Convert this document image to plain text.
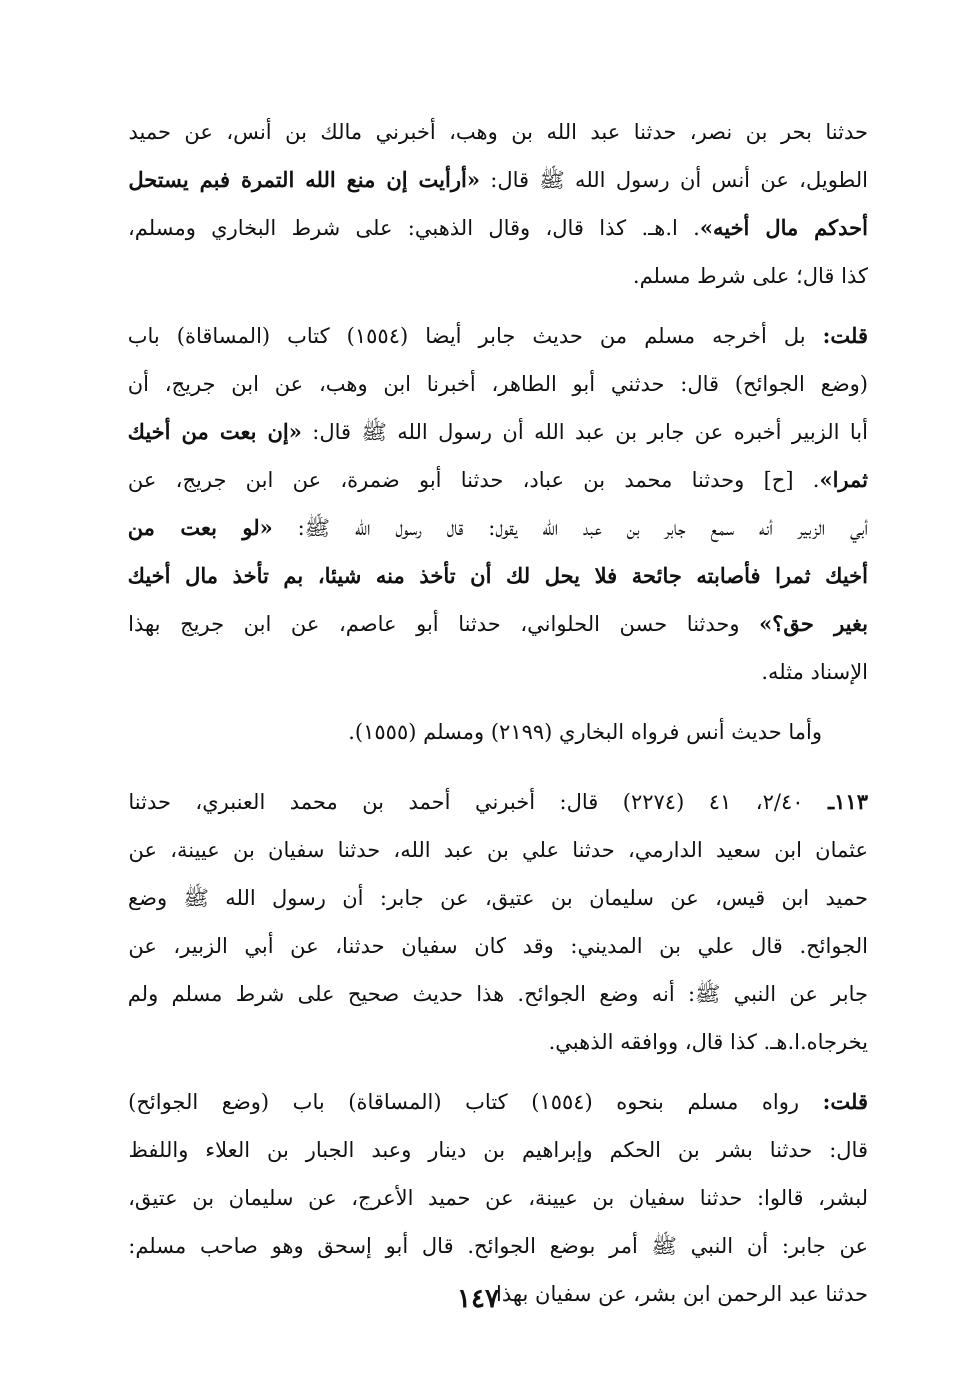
حدثنا بحر بن نصر، حدثنا عبد الله بن وهب، أخبرني مالك بن أنس، عن حميد
الطويل، عن أنس أن رسول الله ﷺ قال: «أرأيت إن منع الله التمرة فبم يستحل
أحدكم مال أخيه». ا.هـ. كذا قال، وقال الذهبي: على شرط البخاري ومسلم،
كذا قال؛ على شرط مسلم.
قلت: بل أخرجه مسلم من حديث جابر أيضا (١٥٥٤) كتاب (المساقاة) باب
(وضع الجوائح) قال: حدثني أبو الطاهر، أخبرنا ابن وهب، عن ابن جريج، أن
أبا الزبير أخبره عن جابر بن عبد الله أن رسول الله ﷺ قال: «إن بعت من أخيك
ثمرا». [ح] وحدثنا محمد بن عباد، حدثنا أبو ضمرة، عن ابن جريج، عن
أبي الزبير أنه سمع جابر بن عبد الله يقول: قال رسول الله ﷺ: «لو بعت من
أخيك ثمرا فأصابته جائحة فلا يحل لك أن تأخذ منه شيئا، بم تأخذ مال أخيك
بغير حق؟» وحدثنا حسن الحلواني، حدثنا أبو عاصم، عن ابن جريج بهذا
الإسناد مثله.
وأما حديث أنس فرواه البخاري (٢١٩٩) ومسلم (١٥٥٥).
١١٣ـ ٢/٤٠، ٤١ (٢٢٧٤) قال: أخبرني أحمد بن محمد العنبري، حدثنا
عثمان ابن سعيد الدارمي، حدثنا علي بن عبد الله، حدثنا سفيان بن عيينة، عن
حميد ابن قيس، عن سليمان بن عتيق، عن جابر: أن رسول الله ﷺ وضع
الجوائح. قال علي بن المديني: وقد كان سفيان حدثنا، عن أبي الزبير، عن
جابر عن النبي ﷺ: أنه وضع الجوائح. هذا حديث صحيح على شرط مسلم ولم
يخرجاه.ا.هـ. كذا قال، ووافقه الذهبي.
قلت: رواه مسلم بنحوه (١٥٥٤) كتاب (المساقاة) باب (وضع الجوائح)
قال: حدثنا بشر بن الحكم وإبراهيم بن دينار وعبد الجبار بن العلاء واللفظ
لبشر، قالوا: حدثنا سفيان بن عيينة، عن حميد الأعرج، عن سليمان بن عتيق،
عن جابر: أن النبي ﷺ أمر بوضع الجوائح. قال أبو إسحق وهو صاحب مسلم:
حدثنا عبد الرحمن ابن بشر، عن سفيان بهذا.
١٤٧
